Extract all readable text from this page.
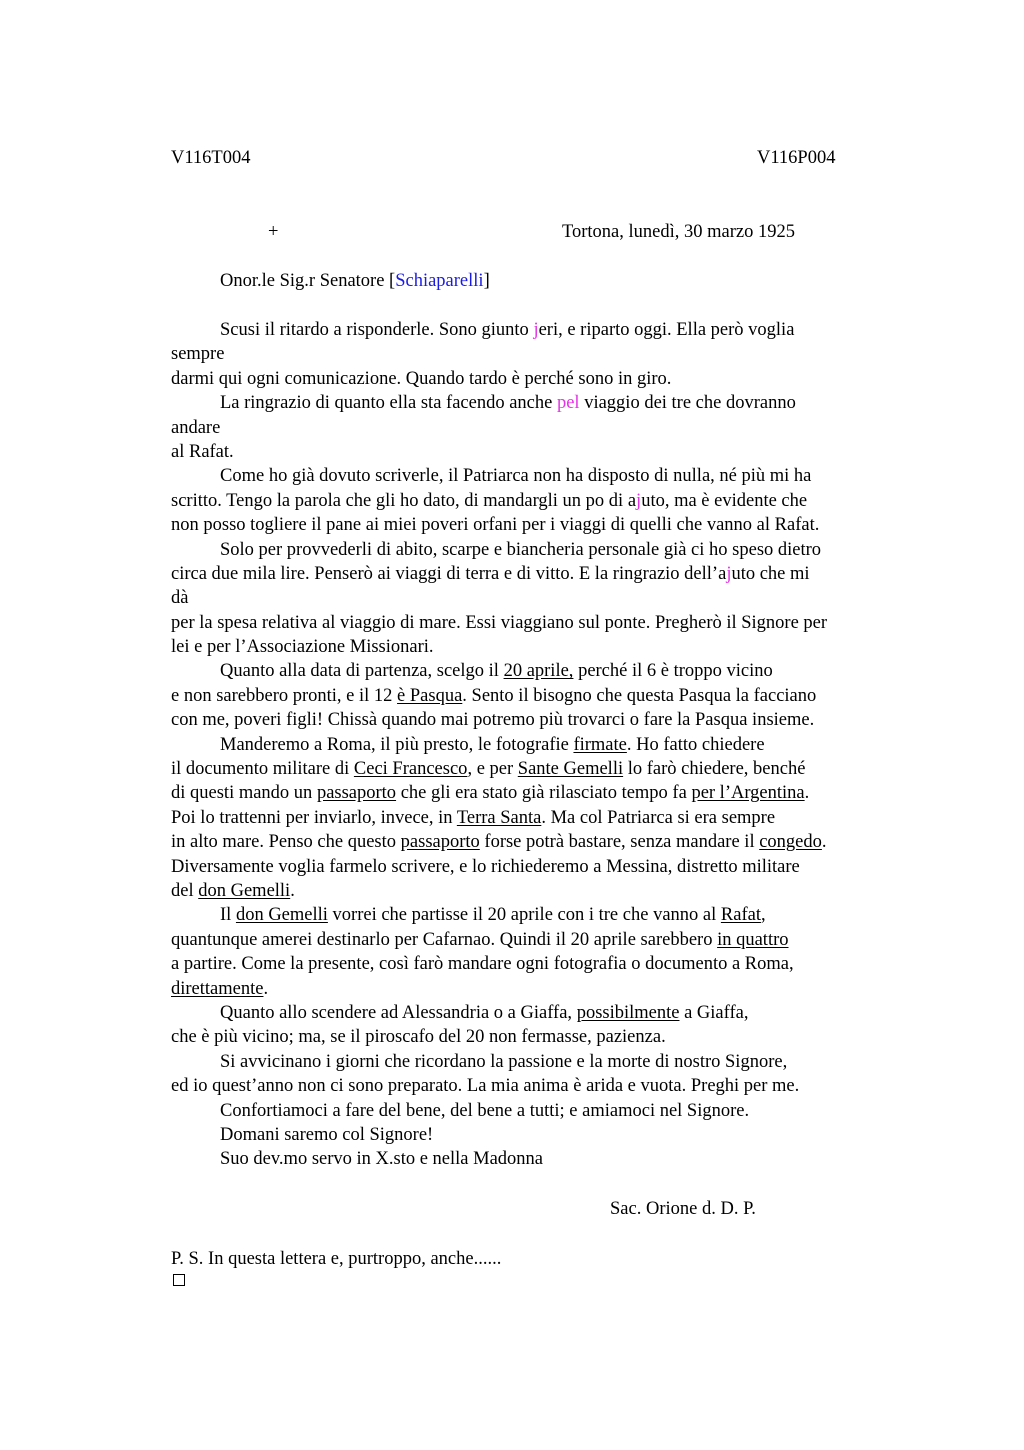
V116T004	V116P004
+	Tortona, lunedì, 30 marzo 1925
Onor.le Sig.r Senatore [Schiaparelli]
Scusi il ritardo a risponderle. Sono giunto jeri, e riparto oggi. Ella però voglia
sempre
darmi qui ogni comunicazione. Quando tardo è perché sono in giro.
La ringrazio di quanto ella sta facendo anche pel viaggio dei tre che dovranno
andare
al Rafat.
Come ho già dovuto scriverle, il Patriarca non ha disposto di nulla, né più mi ha
scritto. Tengo la parola che gli ho dato, di mandargli un po di ajuto, ma è evidente che
non posso togliere il pane ai miei poveri orfani per i viaggi di quelli che vanno al Rafat.
Solo per provvederli di abito, scarpe e biancheria personale già ci ho speso dietro
circa due mila lire. Penserò ai viaggi di terra e di vitto. E la ringrazio dell’ajuto che mi
dà
per la spesa relativa al viaggio di mare. Essi viaggiano sul ponte. Pregherò il Signore per
lei e per l’Associazione Missionari.
Quanto alla data di partenza, scelgo il 20 aprile, perché il 6 è troppo vicino
e non sarebbero pronti, e il 12 è Pasqua. Sento il bisogno che questa Pasqua la facciano
con me, poveri figli! Chissà quando mai potremo più trovarci o fare la Pasqua insieme.
Manderemo a Roma, il più presto, le fotografie firmate. Ho fatto chiedere
il documento militare di Ceci Francesco, e per Sante Gemelli lo farò chiedere, benché
di questi mando un passaporto che gli era stato già rilasciato tempo fa per l’Argentina.
Poi lo trattenni per inviarlo, invece, in Terra Santa. Ma col Patriarca si era sempre
in alto mare. Penso che questo passaporto forse potrà bastare, senza mandare il congedo.
Diversamente voglia farmelo scrivere, e lo richiederemo a Messina, distretto militare
del don Gemelli.
Il don Gemelli vorrei che partisse il 20 aprile con i tre che vanno al Rafat,
quantunque amerei destinarlo per Cafarnao. Quindi il 20 aprile sarebbero in quattro
a partire. Come la presente, così farò mandare ogni fotografia o documento a Roma,
direttamente.
Quanto allo scendere ad Alessandria o a Giaffa, possibilmente a Giaffa,
che è più vicino; ma, se il piroscafo del 20 non fermasse, pazienza.
Si avvicinano i giorni che ricordano la passione e la morte di nostro Signore,
ed io quest’anno non ci sono preparato. La mia anima è arida e vuota. Preghi per me.
Confortiamoci a fare del bene, del bene a tutti; e amiamoci nel Signore.
Domani saremo col Signore!
Suo dev.mo servo in X.sto e nella Madonna
Sac. Orione d. D. P.
P. S. In questa lettera e, purtroppo, anche......
